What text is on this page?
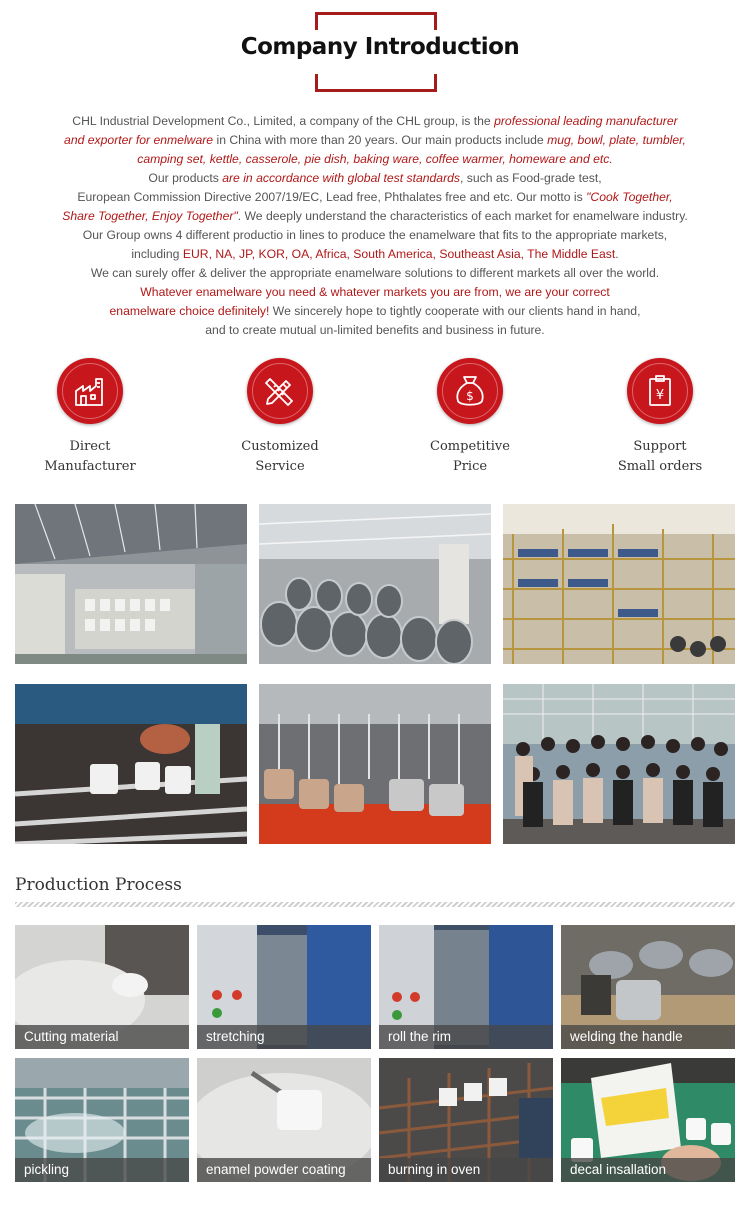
Company Introduction
CHL Industrial Development Co., Limited, a company of the CHL group, is the professional leading manufacturer
and exporter for enmelware in China with more than 20 years. Our main products include mug, bowl, plate, tumbler,
camping set, kettle, casserole, pie dish, baking ware, coffee warmer, homeware and etc.
Our products are in accordance with global test standards, such as Food-grade test,
European Commission Directive 2007/19/EC, Lead free, Phthalates free and etc. Our motto is "Cook Together,
Share Together, Enjoy Together". We deeply understand the characteristics of each market for enamelware industry.
Our Group owns 4 different productio in lines to produce the enamelware that fits to the appropriate markets,
including EUR, NA, JP, KOR, OA, Africa, South America, Southeast Asia, The Middle East.
We can surely offer & deliver the appropriate enamelware solutions to different markets all over the world.
Whatever enamelware you need & whatever markets you are from, we are your correct
enamelware choice definitely! We sincerely hope to tightly cooperate with our clients hand in hand,
and to create mutual un-limited benefits and business in future.
Direct
Manufacturer
Customized
Service
$
Competitive
Price
¥
Support
Small orders
Production Process
Cutting material	stretching	roll the rim	welding the handle
pickling	enamel powder coating	burning in oven	decal insallation
